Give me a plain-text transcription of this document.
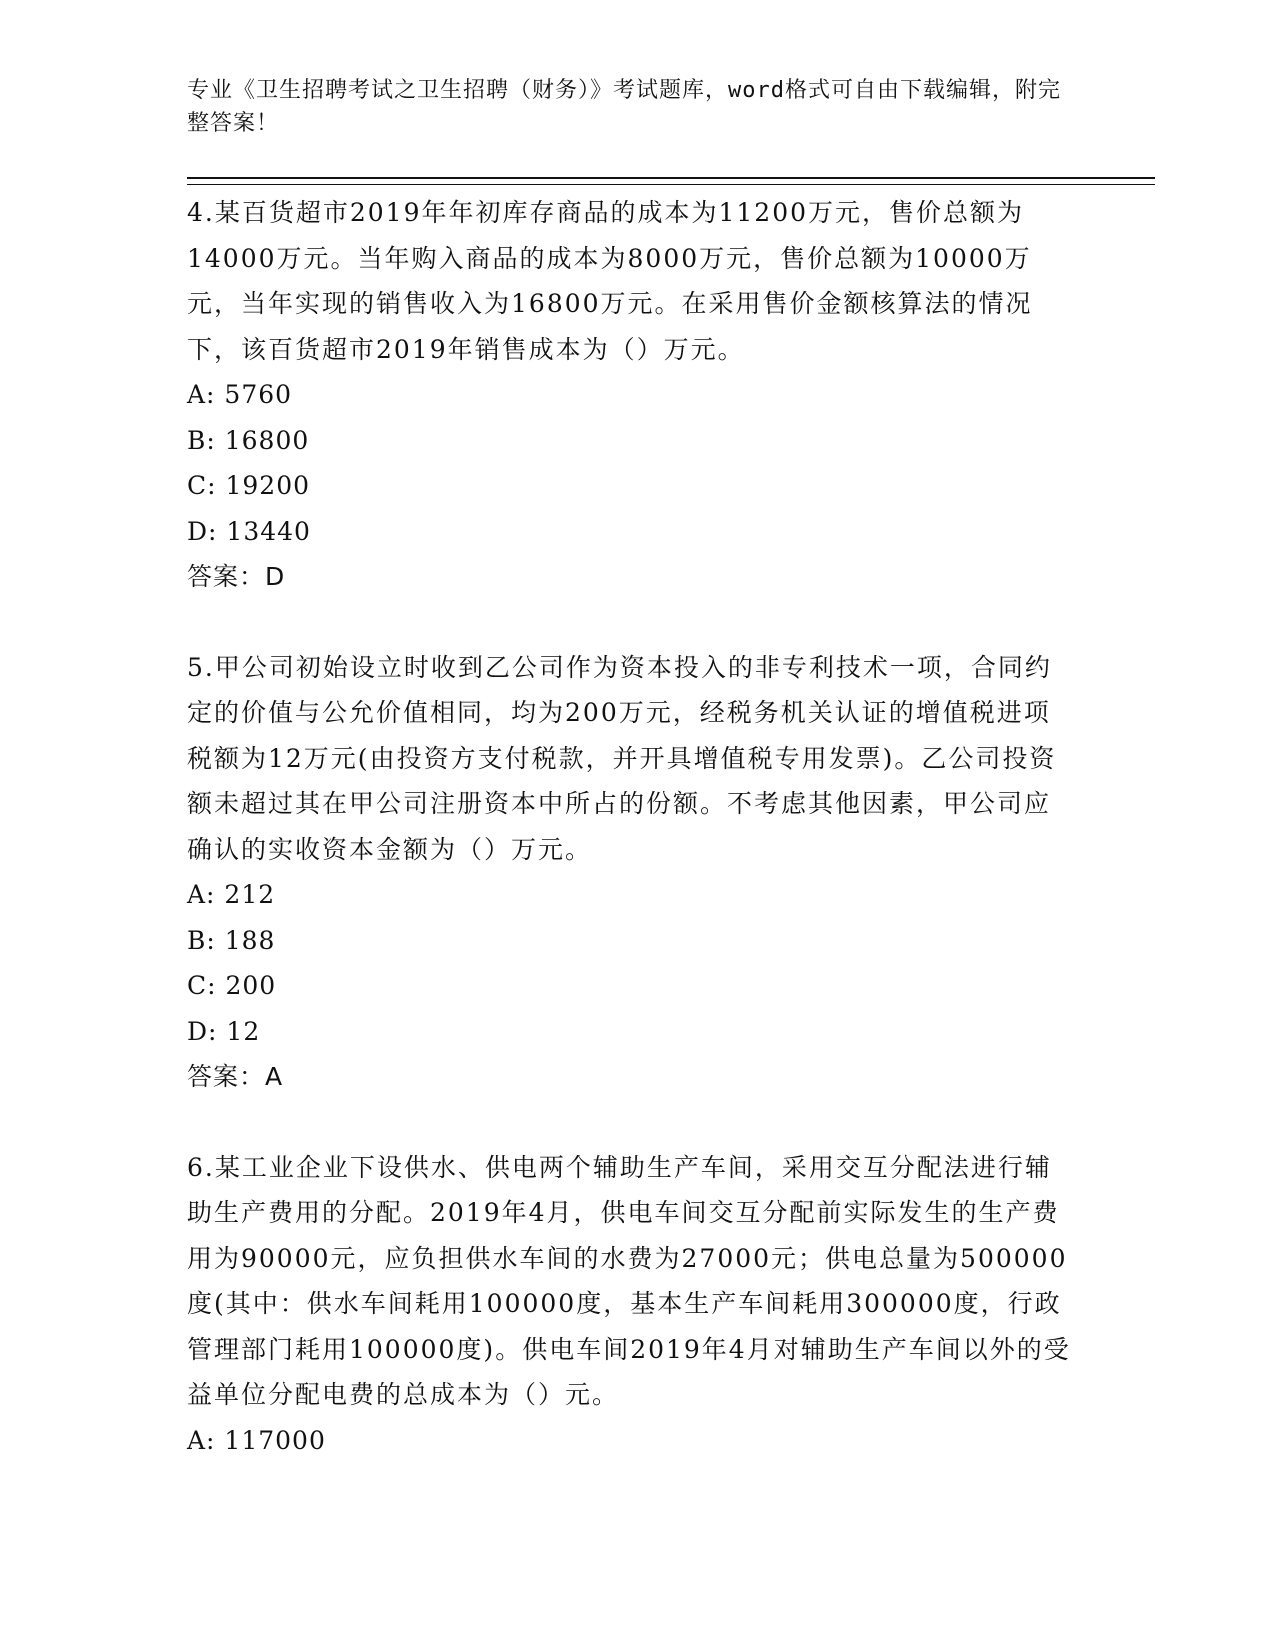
专业《卫生招聘考试之卫生招聘（财务）》考试题库，word格式可自由下载编辑，附完整答案！

4.某百货超市2019年年初库存商品的成本为11200万元，售价总额为14000万元。当年购入商品的成本为8000万元，售价总额为10000万元，当年实现的销售收入为16800万元。在采用售价金额核算法的情况下，该百货超市2019年销售成本为（）万元。

A: 5760

B: 16800

C: 19200

D: 13440

答案：D

5.甲公司初始设立时收到乙公司作为资本投入的非专利技术一项，合同约定的价值与公允价值相同，均为200万元，经税务机关认证的增值税进项税额为12万元(由投资方支付税款，并开具增值税专用发票)。乙公司投资额未超过其在甲公司注册资本中所占的份额。不考虑其他因素，甲公司应确认的实收资本金额为（）万元。

A: 212

B: 188

C: 200

D: 12

答案：A

6.某工业企业下设供水、供电两个辅助生产车间，采用交互分配法进行辅助生产费用的分配。2019年4月，供电车间交互分配前实际发生的生产费用为90000元，应负担供水车间的水费为27000元；供电总量为500000度(其中：供水车间耗用100000度，基本生产车间耗用300000度，行政管理部门耗用100000度)。供电车间2019年4月对辅助生产车间以外的受益单位分配电费的总成本为（）元。

A: 117000
